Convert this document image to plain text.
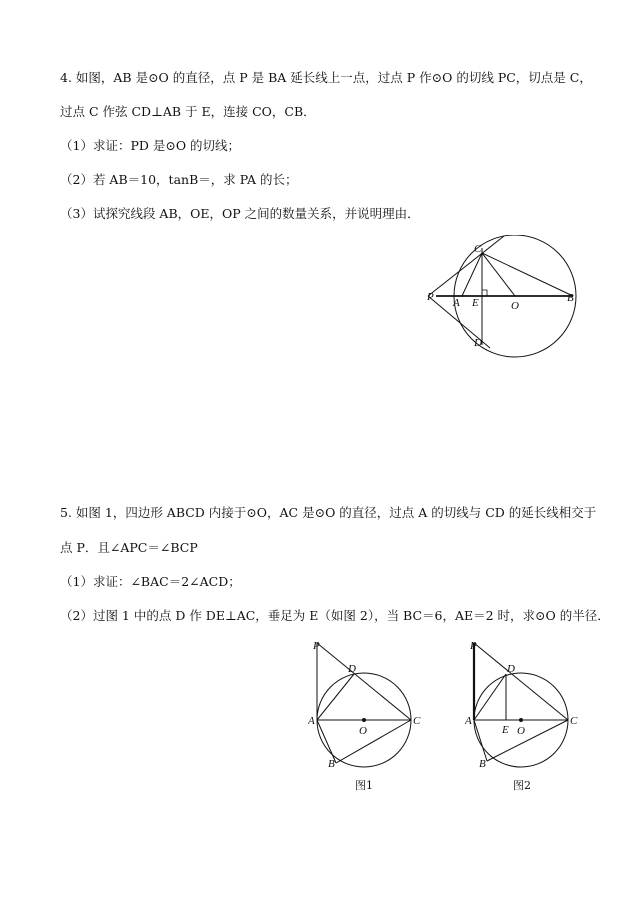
4. 如图，AB 是⊙O 的直径，点 P 是 BA 延长线上一点，过点 P 作⊙O 的切线 PC，切点是 C，
过点 C 作弦 CD⊥AB 于 E，连接 CO，CB．
（1）求证：PD 是⊙O 的切线；
（2）若 AB＝10，tanB＝，求 PA 的长；
（3）试探究线段 AB，OE，OP 之间的数量关系，并说明理由．
C
P A E	O
B
D
5. 如图 1，四边形 ABCD 内接于⊙O，AC 是⊙O 的直径，过点 A 的切线与 CD 的延长线相交于
点 P．且∠APC＝∠BCP
（1）求证：∠BAC＝2∠ACD；
（2）过图 1 中的点 D 作 DE⊥AC，垂足为 E（如图 2），当 BC＝6，AE＝2 时，求⊙O 的半径．
P
D
A
O
C
B
图1
P
D
A
E O
C
B
图2
